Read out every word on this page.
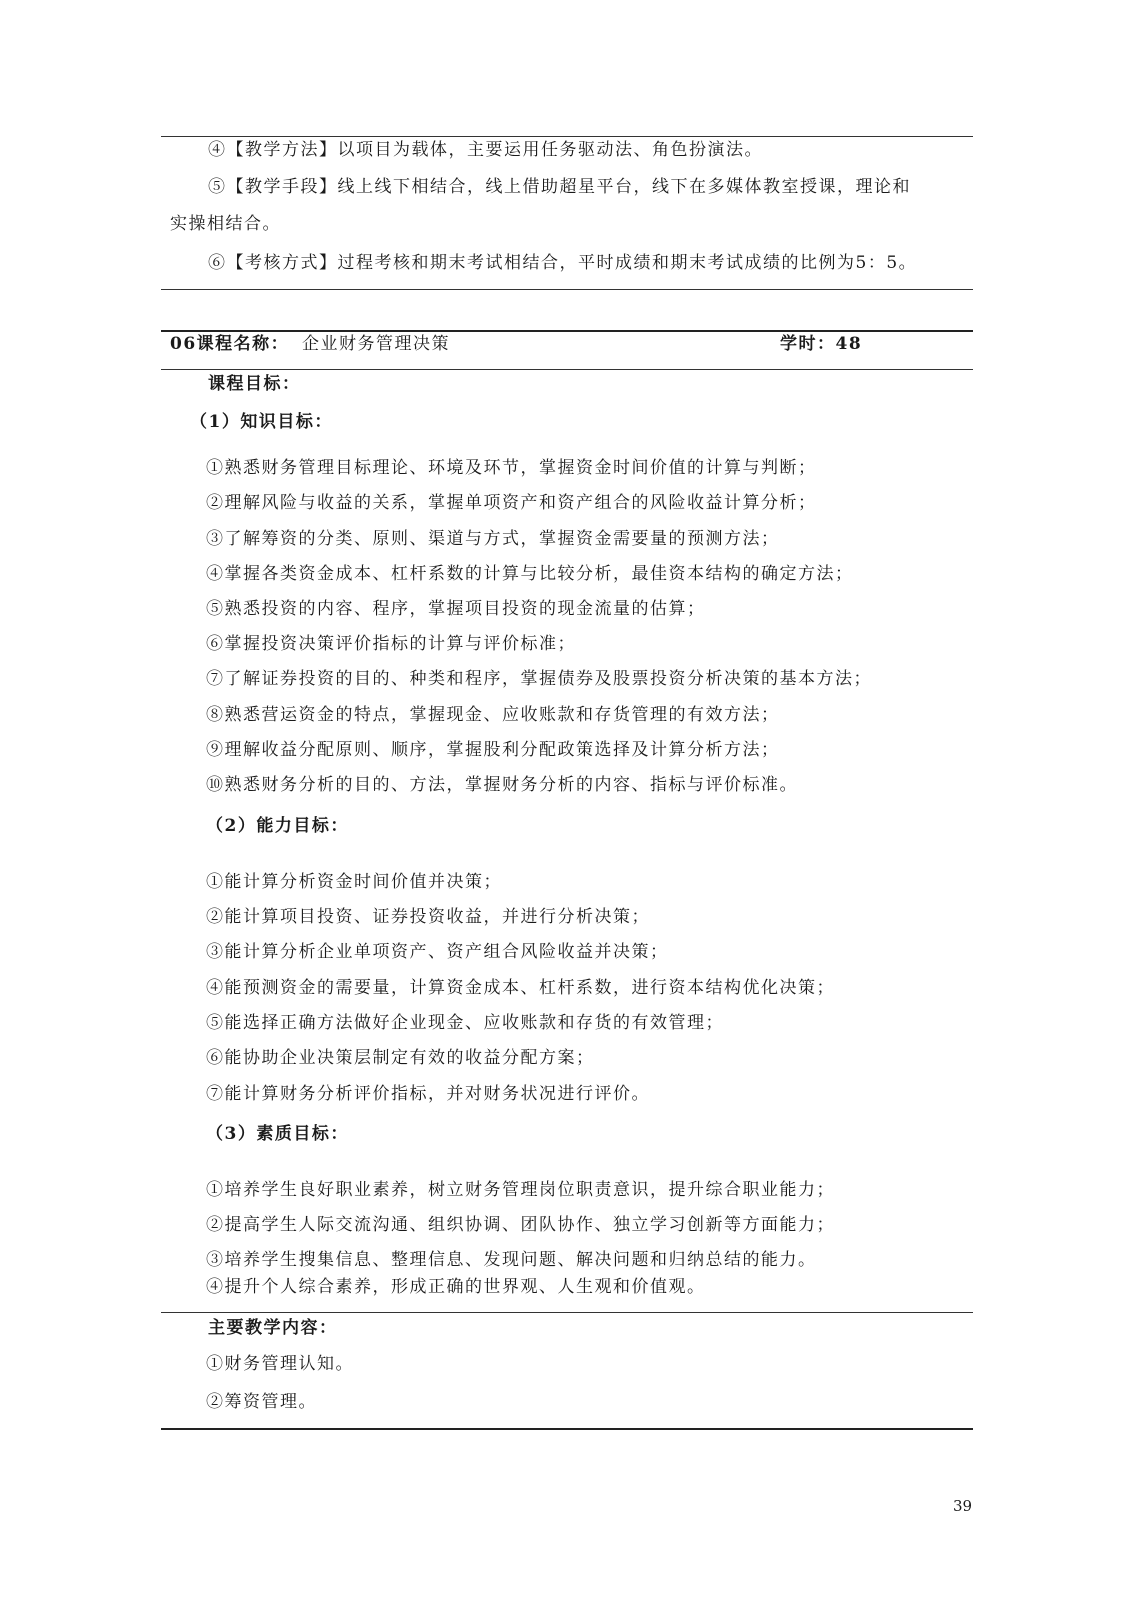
④【教学方法】以项目为载体，主要运用任务驱动法、角色扮演法。
⑤【教学手段】线上线下相结合，线上借助超星平台，线下在多媒体教室授课，理论和
实操相结合。
⑥【考核方式】过程考核和期末考试相结合，平时成绩和期末考试成绩的比例为5：5。
06课程名称： 企业财务管理决策	学时：48
课程目标：
（1）知识目标：
①熟悉财务管理目标理论、环境及环节，掌握资金时间价值的计算与判断；
②理解风险与收益的关系，掌握单项资产和资产组合的风险收益计算分析；
③了解筹资的分类、原则、渠道与方式，掌握资金需要量的预测方法；
④掌握各类资金成本、杠杆系数的计算与比较分析，最佳资本结构的确定方法；
⑤熟悉投资的内容、程序，掌握项目投资的现金流量的估算；
⑥掌握投资决策评价指标的计算与评价标准；
⑦了解证券投资的目的、种类和程序，掌握债券及股票投资分析决策的基本方法；
⑧熟悉营运资金的特点，掌握现金、应收账款和存货管理的有效方法；
⑨理解收益分配原则、顺序，掌握股利分配政策选择及计算分析方法；
⑩熟悉财务分析的目的、方法，掌握财务分析的内容、指标与评价标准。
（2）能力目标：
①能计算分析资金时间价值并决策；
②能计算项目投资、证券投资收益，并进行分析决策；
③能计算分析企业单项资产、资产组合风险收益并决策；
④能预测资金的需要量，计算资金成本、杠杆系数，进行资本结构优化决策；
⑤能选择正确方法做好企业现金、应收账款和存货的有效管理；
⑥能协助企业决策层制定有效的收益分配方案；
⑦能计算财务分析评价指标，并对财务状况进行评价。
（3）素质目标：
①培养学生良好职业素养，树立财务管理岗位职责意识，提升综合职业能力；
②提高学生人际交流沟通、组织协调、团队协作、独立学习创新等方面能力；
③培养学生搜集信息、整理信息、发现问题、解决问题和归纳总结的能力。
④提升个人综合素养，形成正确的世界观、人生观和价值观。
主要教学内容：
①财务管理认知。
②筹资管理。
39
